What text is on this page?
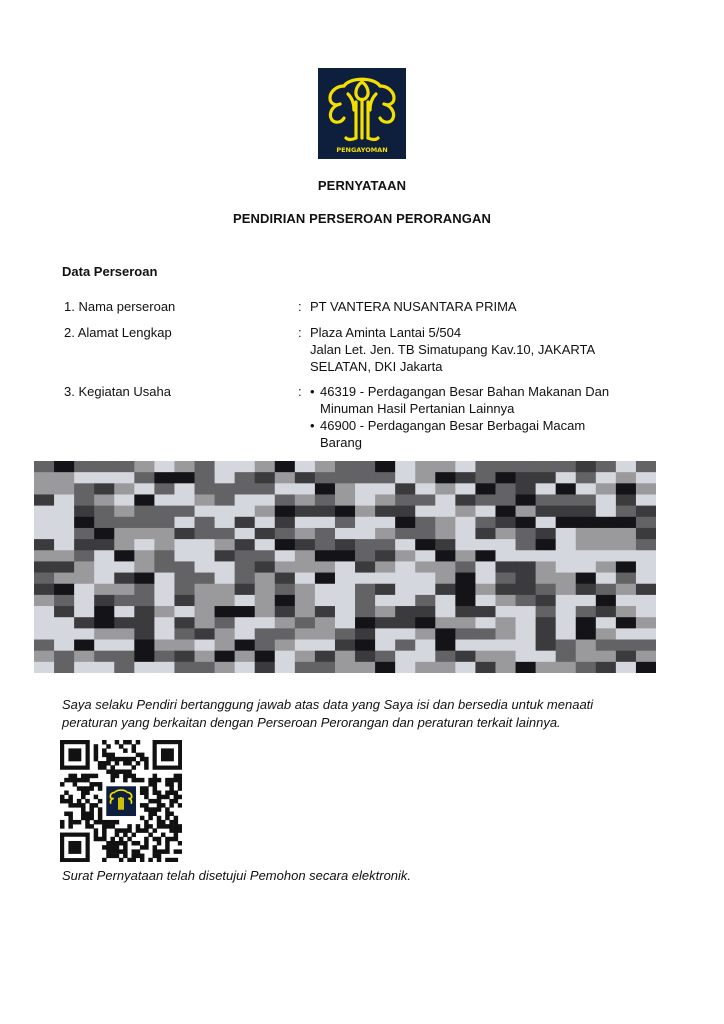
PENGAYOMAN
PERNYATAAN
PENDIRIAN PERSEROAN PERORANGAN
Data Perseroan
1. Nama perseroan	: PT VANTERA NUSANTARA PRIMA
2. Alamat Lengkap	: Plaza Aminta Lantai 5/504
Jalan Let. Jen. TB Simatupang Kav.10, JAKARTA
SELATAN, DKI Jakarta
3. Kegiatan Usaha	: • 46319 - Perdagangan Besar Bahan Makanan Dan
Minuman Hasil Pertanian Lainnya
• 46900 - Perdagangan Besar Berbagai Macam
Barang
Saya selaku Pendiri bertanggung jawab atas data yang Saya isi dan bersedia untuk menaati
peraturan yang berkaitan dengan Perseroan Perorangan dan peraturan terkait lainnya.
Surat Pernyataan telah disetujui Pemohon secara elektronik.
